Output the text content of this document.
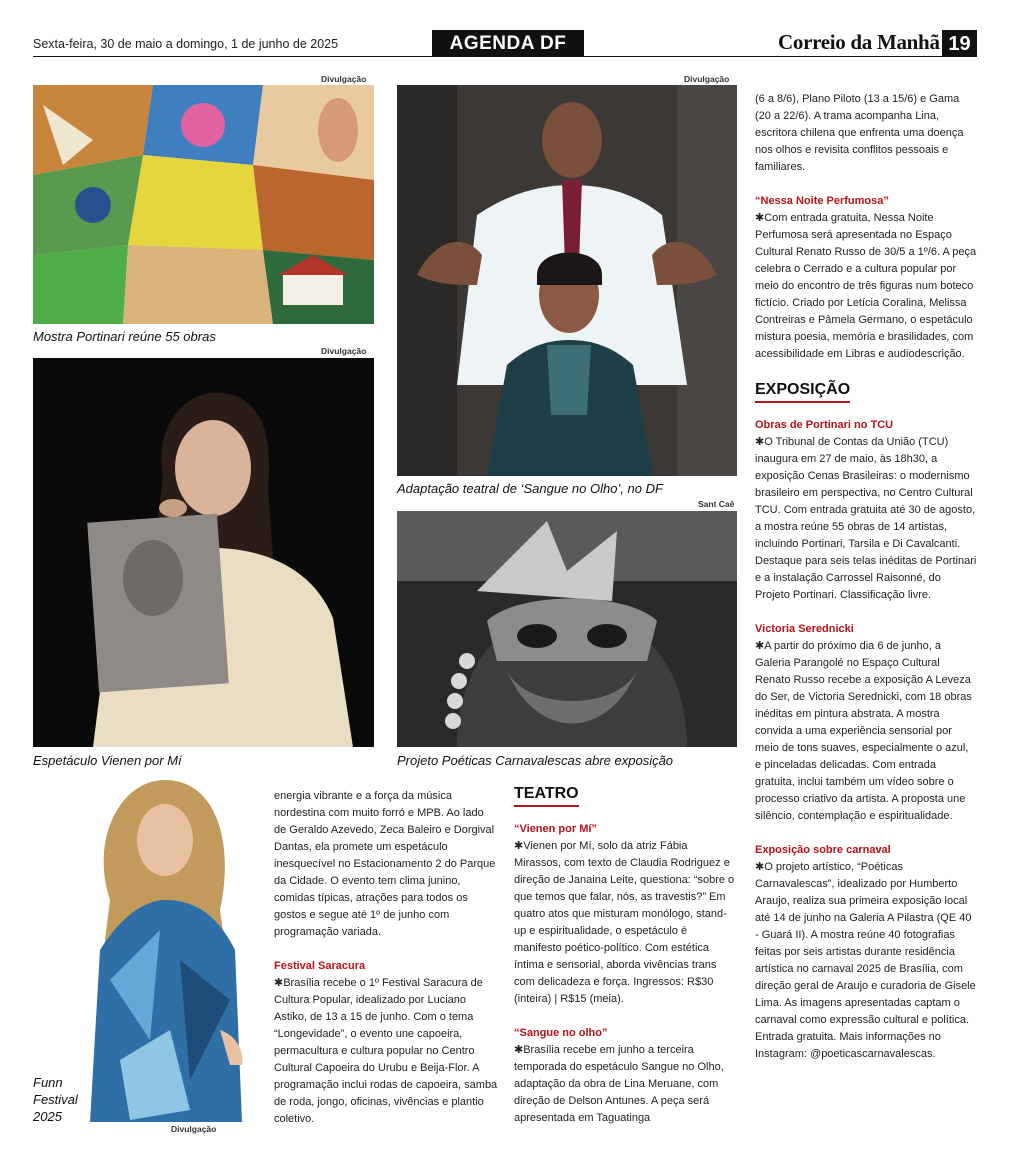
Sexta-feira, 30 de maio a domingo, 1 de junho de 2025	AGENDA DF	Correio da Manhã 19
Divulgação
Mostra Portinari reúne 55 obras
Divulgação
Espetáculo Vienen por Mí
Divulgação
Adaptação teatral de ‘Sangue no Olho’, no DF
Sant Caê
Projeto Poéticas Carnavalescas abre exposição
Funn
Festival
2025
Divulgação

energia vibrante e a força da música nordestina com muito forró e MPB. Ao lado de Geraldo Azevedo, Zeca Baleiro e Dorgival Dantas, ela promete um espetáculo inesquecível no Estacionamento 2 do Parque da Cidade. O evento tem clima junino, comidas típicas, atrações para todos os gostos e segue até 1º de junho com programação variada.

Festival Saracura

✱Brasília recebe o 1º Festival Saracura de Cultura Popular, idealizado por Luciano Astiko, de 13 a 15 de junho. Com o tema “Longevidade”, o evento une capoeira, permacultura e cultura popular no Centro Cultural Capoeira do Urubu e Beija-Flor. A programação inclui rodas de capoeira, samba de roda, jongo, oficinas, vivências e plantio coletivo.

TEATRO
“Vienen por Mí”

✱Vienen por Mí, solo da atriz Fábia Mirassos, com texto de Claudia Rodriguez e direção de Janaina Leite, questiona: “sobre o que temos que falar, nós, as travestis?” Em quatro atos que misturam monólogo, stand-up e espiritualidade, o espetáculo é manifesto poético-político. Com estética íntima e sensorial, aborda vivências trans com delicadeza e força. Ingressos: R$30 (inteira) | R$15 (meia).

“Sangue no olho”

✱Brasília recebe em junho a terceira temporada do espetáculo Sangue no Olho, adaptação da obra de Lina Meruane, com direção de Delson Antunes. A peça será apresentada em Taguatinga

(6 a 8/6), Plano Piloto (13 a 15/6) e Gama (20 a 22/6). A trama acompanha Lina, escritora chilena que enfrenta uma doença nos olhos e revisita conflitos pessoais e familiares.

“Nessa Noite Perfumosa”

✱Com entrada gratuita, Nessa Noite Perfumosa será apresentada no Espaço Cultural Renato Russo de 30/5 a 1º/6. A peça celebra o Cerrado e a cultura popular por meio do encontro de três figuras num boteco fictício. Criado por Letícia Coralina, Melissa Contreiras e Pâmela Germano, o espetáculo mistura poesia, memória e brasilidades, com acessibilidade em Libras e audiodescrição.

EXPOSIÇÃO
Obras de Portinari no TCU

✱O Tribunal de Contas da União (TCU) inaugura em 27 de maio, às 18h30, a exposição Cenas Brasileiras: o modernismo brasileiro em perspectiva, no Centro Cultural TCU. Com entrada gratuita até 30 de agosto, a mostra reúne 55 obras de 14 artistas, incluindo Portinari, Tarsila e Di Cavalcanti. Destaque para seis telas inéditas de Portinari e a instalação Carrossel Raisonné, do Projeto Portinari. Classificação livre.

Victoria Serednicki

✱A partir do próximo dia 6 de junho, a Galeria Parangolé no Espaço Cultural Renato Russo recebe a exposição A Leveza do Ser, de Victoria Serednicki, com 18 obras inéditas em pintura abstrata. A mostra convida a uma experiência sensorial por meio de tons suaves, especialmente o azul, e pinceladas delicadas. Com entrada gratuita, inclui também um vídeo sobre o processo criativo da artista. A proposta une silêncio, contemplação e espiritualidade.

Exposição sobre carnaval

✱O projeto artístico, “Poéticas Carnavalescas”, idealizado por Humberto Araujo, realiza sua primeira exposição local até 14 de junho na Galeria A Pilastra (QE 40 - Guará II). A mostra reúne 40 fotografias feitas por seis artistas durante residência artística no carnaval 2025 de Brasília, com direção geral de Araujo e curadoria de Gisele Lima. As imagens apresentadas captam o carnaval como expressão cultural e política. Entrada gratuita. Mais informações no Instagram: @poeticascarnavalescas.
